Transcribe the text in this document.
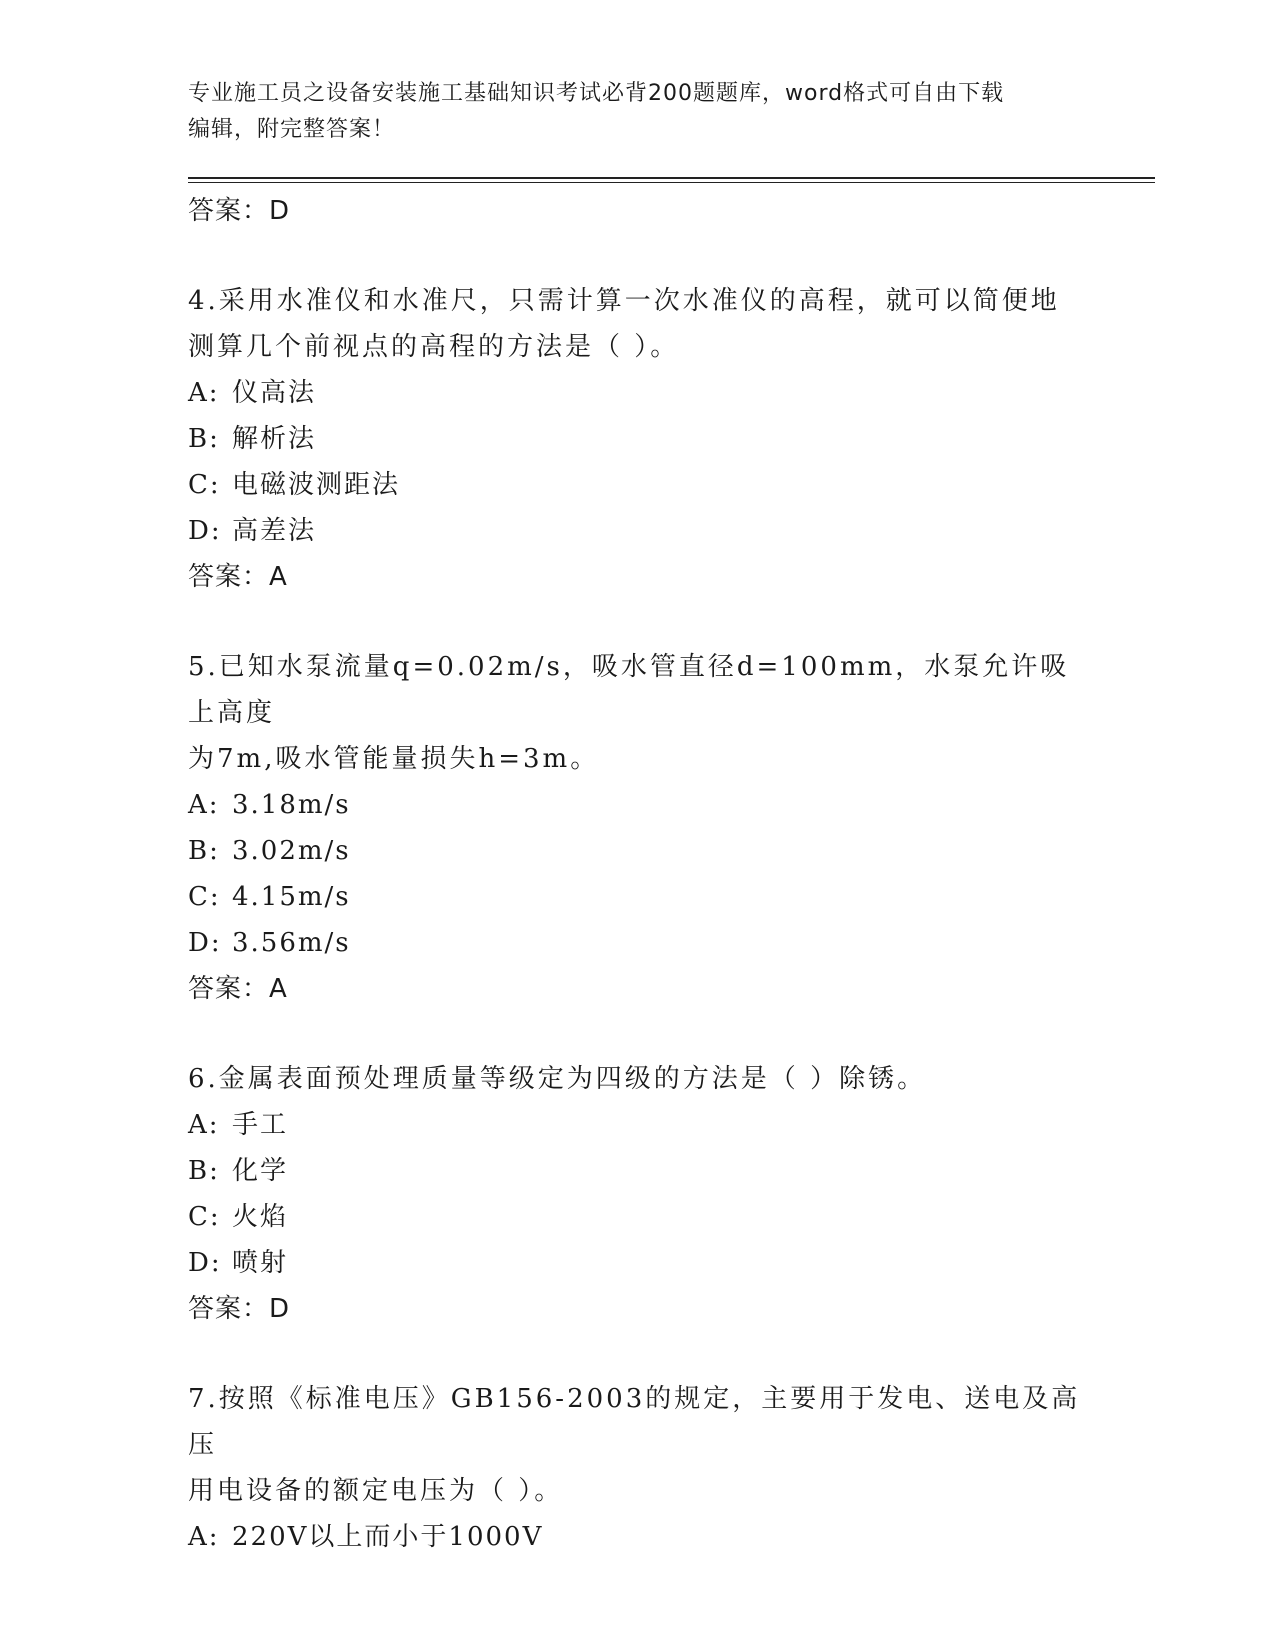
专业施工员之设备安装施工基础知识考试必背200题题库，word格式可自由下载
编辑，附完整答案！
答案：D
4.采用水准仪和水准尺，只需计算一次水准仪的高程，就可以简便地
测算几个前视点的高程的方法是（ ）。
A: 仪高法
B: 解析法
C: 电磁波测距法
D: 高差法
答案：A
5.已知水泵流量q=0.02m/s，吸水管直径d=100mm，水泵允许吸上高度
为7m,吸水管能量损失h=3m。
A: 3.18m/s
B: 3.02m/s
C: 4.15m/s
D: 3.56m/s
答案：A
6.金属表面预处理质量等级定为四级的方法是（ ）除锈。
A: 手工
B: 化学
C: 火焰
D: 喷射
答案：D
7.按照《标准电压》GB156-2003的规定，主要用于发电、送电及高压
用电设备的额定电压为（ ）。
A: 220V以上而小于1000V
